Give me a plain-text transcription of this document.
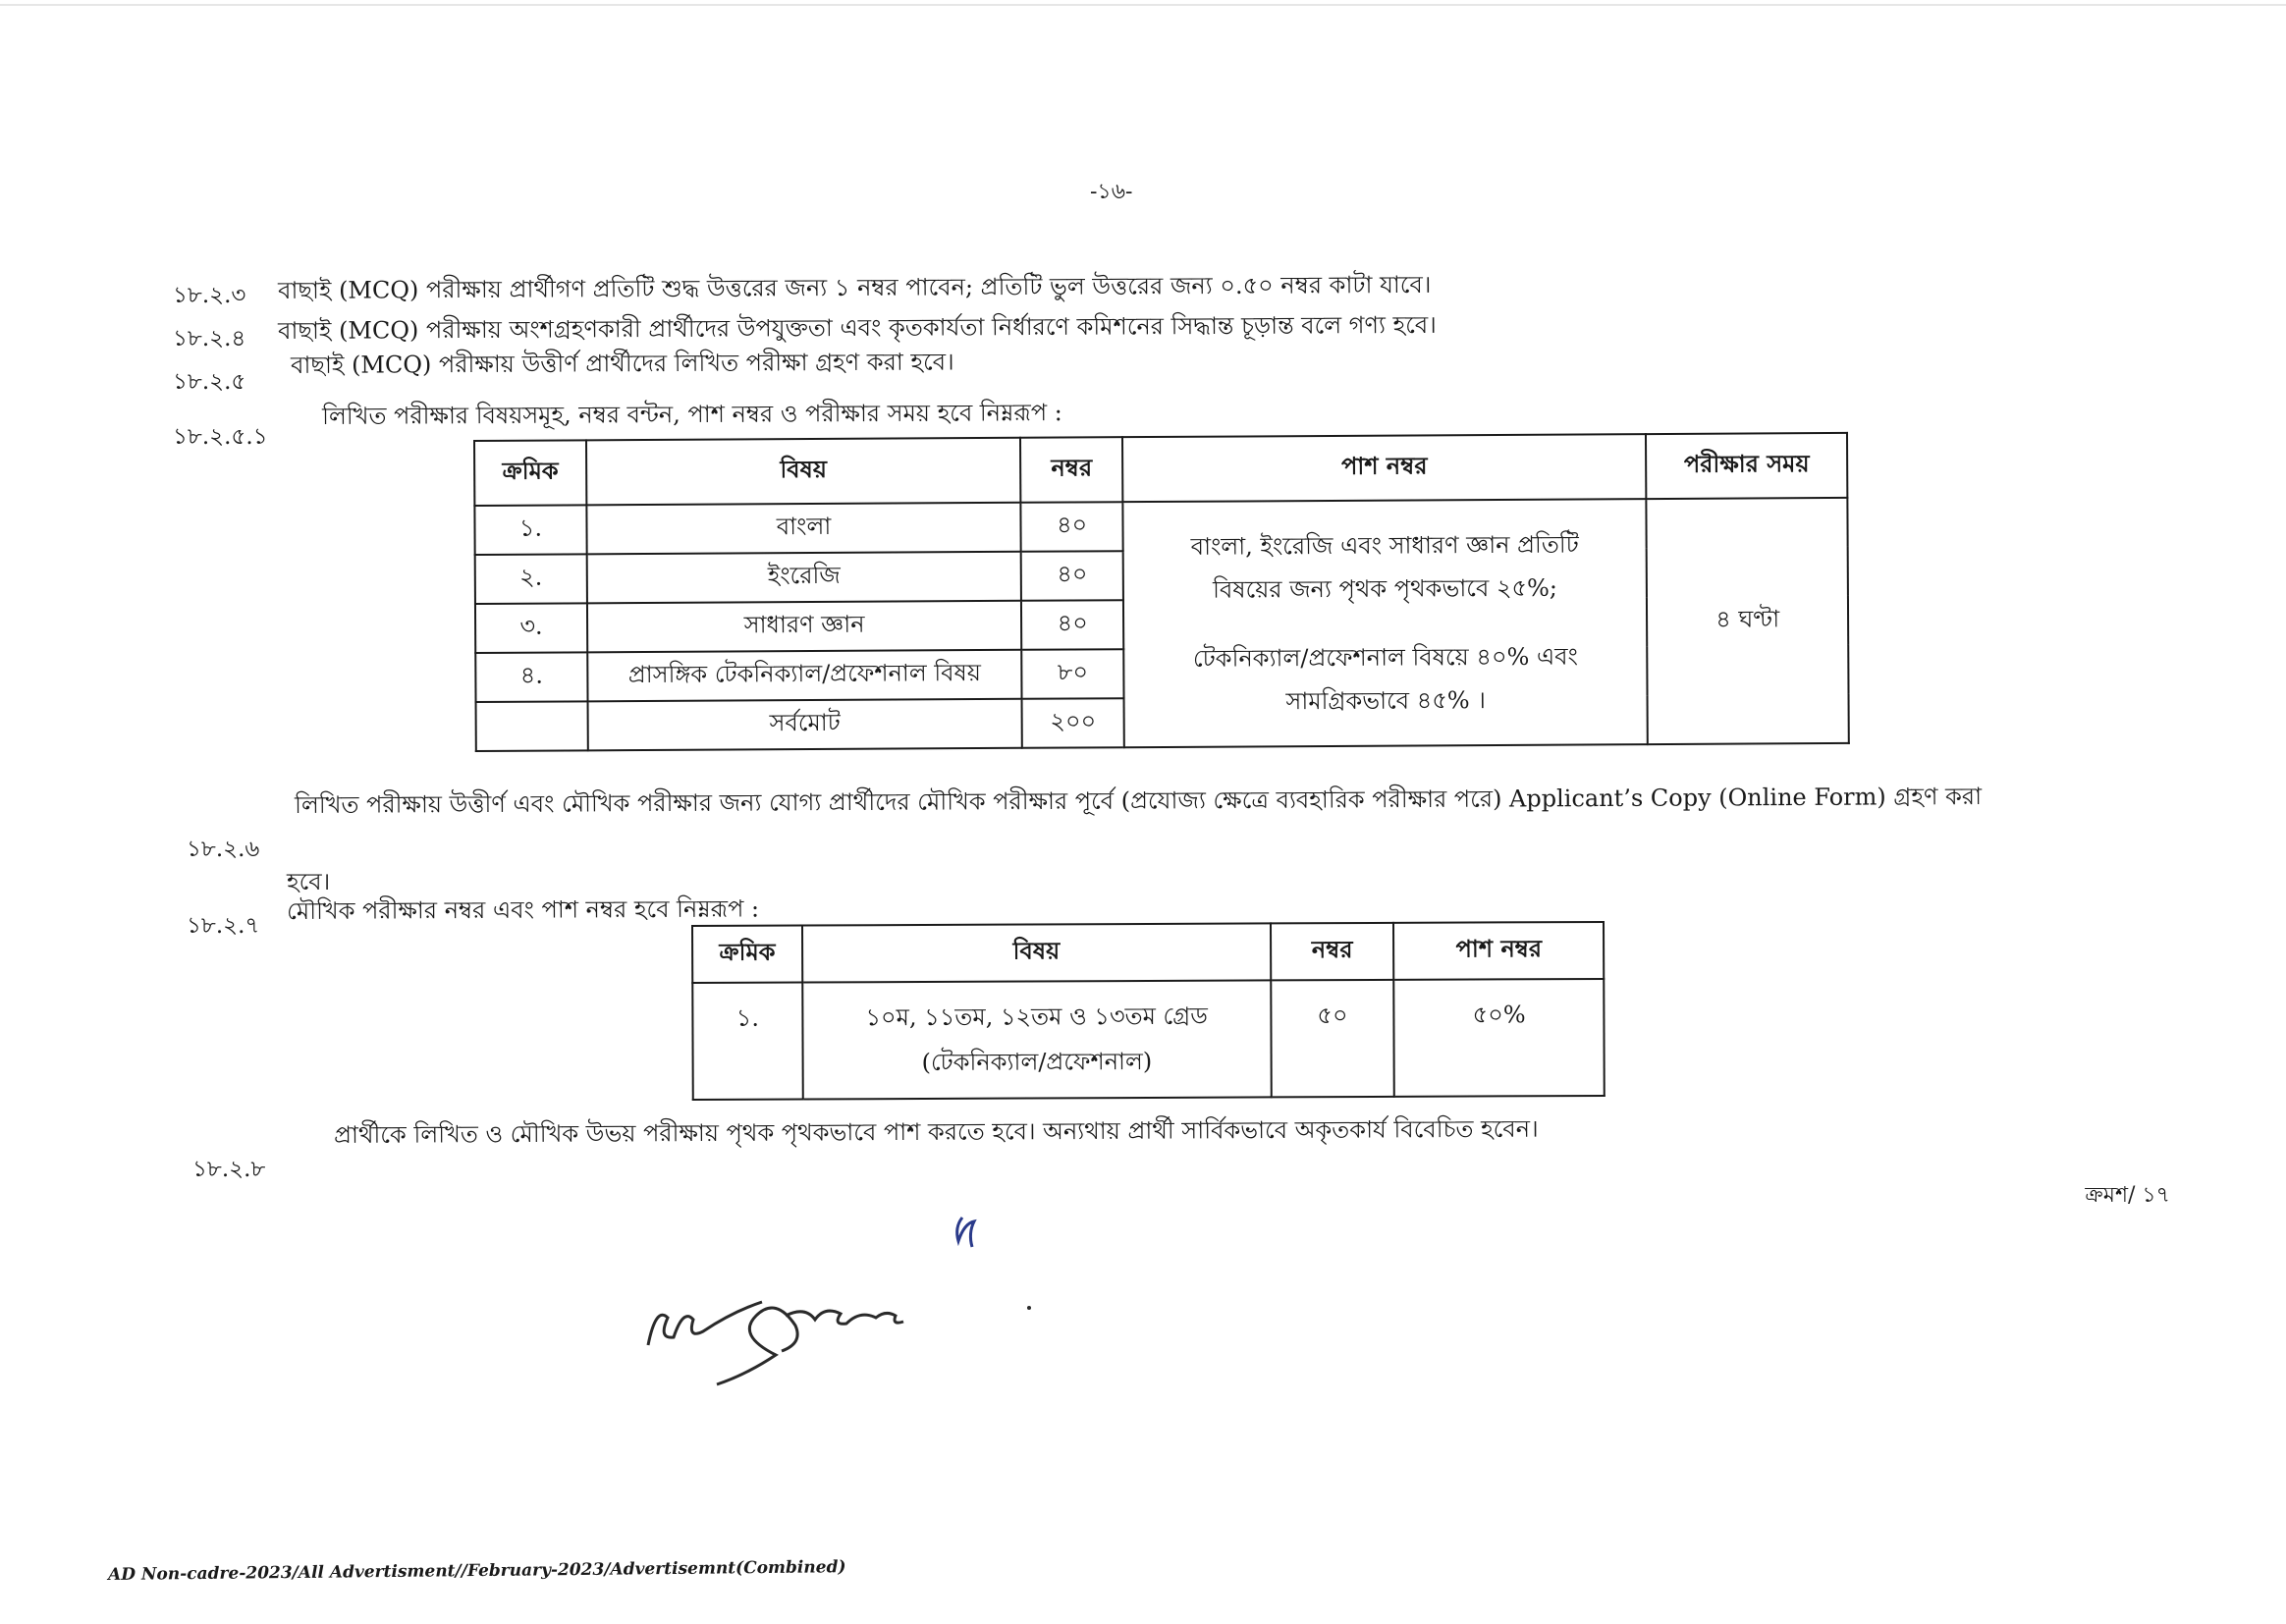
-১৬-
১৮.২.৩ বাছাই (MCQ) পরীক্ষায় প্রার্থীগণ প্রতিটি শুদ্ধ উত্তরের জন্য ১ নম্বর পাবেন; প্রতিটি ভুল উত্তরের জন্য ০.৫০ নম্বর কাটা যাবে।
১৮.২.৪ বাছাই (MCQ) পরীক্ষায় অংশগ্রহণকারী প্রার্থীদের উপযুক্ততা এবং কৃতকার্যতা নির্ধারণে কমিশনের সিদ্ধান্ত চূড়ান্ত বলে গণ্য হবে।
১৮.২.৫
বাছাই (MCQ) পরীক্ষায় উত্তীর্ণ প্রার্থীদের লিখিত পরীক্ষা গ্রহণ করা হবে।
১৮.২.৫.১
লিখিত পরীক্ষার বিষয়সমূহ, নম্বর বন্টন, পাশ নম্বর ও পরীক্ষার সময় হবে নিম্নরূপ :
ক্রমিক	বিষয়	নম্বর	পাশ নম্বর	পরীক্ষার সময়
১.	বাংলা	৪০	বাংলা, ইংরেজি এবং সাধারণ জ্ঞান প্রতিটি
বিষয়ের জন্য পৃথক পৃথকভাবে ২৫%;
টেকনিক্যাল/প্রফেশনাল বিষয়ে ৪০% এবং
সামগ্রিকভাবে ৪৫% ।	৪ ঘণ্টা
২.	ইংরেজি	৪০		
৩.	সাধারণ জ্ঞান	৪০		
৪.	প্রাসঙ্গিক টেকনিক্যাল/প্রফেশনাল বিষয়	৮০		
	সর্বমোট	২০০		
১৮.২.৬
লিখিত পরীক্ষায় উত্তীর্ণ এবং মৌখিক পরীক্ষার জন্য যোগ্য প্রার্থীদের মৌখিক পরীক্ষার পূর্বে (প্রযোজ্য ক্ষেত্রে ব্যবহারিক পরীক্ষার পরে) Applicant’s Copy (Online Form) গ্রহণ করা
হবে।
১৮.২.৭
মৌখিক পরীক্ষার নম্বর এবং পাশ নম্বর হবে নিম্নরূপ :
ক্রমিক	বিষয়	নম্বর	পাশ নম্বর
১.	১০ম, ১১তম, ১২তম ও ১৩তম গ্রেড
(টেকনিক্যাল/প্রফেশনাল)	৫০	৫০%
১৮.২.৮
প্রার্থীকে লিখিত ও মৌখিক উভয় পরীক্ষায় পৃথক পৃথকভাবে পাশ করতে হবে। অন্যথায় প্রার্থী সার্বিকভাবে অকৃতকার্য বিবেচিত হবেন।
ক্রমশ/ ১৭
AD Non-cadre-2023/All Advertisment//February-2023/Advertisemnt(Combined)
